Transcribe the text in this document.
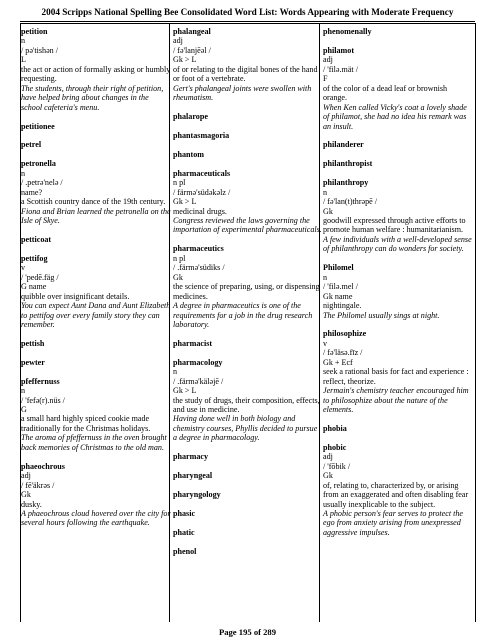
2004 Scripps National Spelling Bee Consolidated Word List: Words Appearing with Moderate Frequency
petition
n
/ pə'tishən /
L
the act or action of formally asking or humbly requesting.
The students, through their right of petition, have helped bring about changes in the school cafeteria's menu.
petitionee
petrel
petronella
n
/ .petrə'nelə /
name?
a Scottish country dance of the 19th century.
Fiona and Brian learned the petronella on the Isle of Skye.
petticoat
pettifog
v
/ 'pedē.fäg /
G name
quibble over insignificant details.
You can expect Aunt Dana and Aunt Elizabeth to pettifog over every family story they can remember.
pettish
pewter
pfeffernuss
n
/ 'fefə(r).nüs /
G
a small hard highly spiced cookie made traditionally for the Christmas holidays.
The aroma of pfeffernuss in the oven brought back memories of Christmas to the old man.
phaeochrous
adj
/ fē'äkrəs /
Gk
dusky.
A phaeochrous cloud hovered over the city for several hours following the earthquake.
phalangeal
adj
/ fə'lanjēəl /
Gk > L
of or relating to the digital bones of the hand or foot of a vertebrate.
Gert's phalangeal joints were swollen with rheumatism.
phalarope
phantasmagoria
phantom
pharmaceuticals
n pl
/ färmə'südəkəlz /
Gk > L
medicinal drugs.
Congress reviewed the laws governing the importation of experimental pharmaceuticals.
pharmaceutics
n pl
/ .färmə'südiks /
Gk
the science of preparing, using, or dispensing medicines.
A degree in pharmaceutics is one of the requirements for a job in the drug research laboratory.
pharmacist
pharmacology
n
/ .färmə'käləjē /
Gk > L
the study of drugs, their composition, effects, and use in medicine.
Having done well in both biology and chemistry courses, Phyllis decided to pursue a degree in pharmacology.
pharmacy
pharyngeal
pharyngology
phasic
phatic
phenol
phenomenally
philamot
adj
/ 'filə.mät /
F
of the color of a dead leaf or brownish orange.
When Ken called Vicky's coat a lovely shade of philamot, she had no idea his remark was an insult.
philanderer
philanthropist
philanthropy
n
/ fə'lan(t)thrəpē /
Gk
goodwill expressed through active efforts to promote human welfare : humanitarianism.
A few individuals with a well-developed sense of philanthropy can do wonders for society.
Philomel
n
/ 'filə.mel /
Gk name
nightingale.
The Philomel usually sings at night.
philosophize
v
/ fə'läsə.fīz /
Gk + Ecf
seek a rational basis for fact and experience : reflect, theorize.
Jermain's chemistry teacher encouraged him to philosophize about the nature of the elements.
phobia
phobic
adj
/ 'fōbik /
Gk
of, relating to, characterized by, or arising from an exaggerated and often disabling fear usually inexplicable to the subject.
A phobic person's fear serves to protect the ego from anxiety arising from unexpressed aggressive impulses.
Page 195 of 289
